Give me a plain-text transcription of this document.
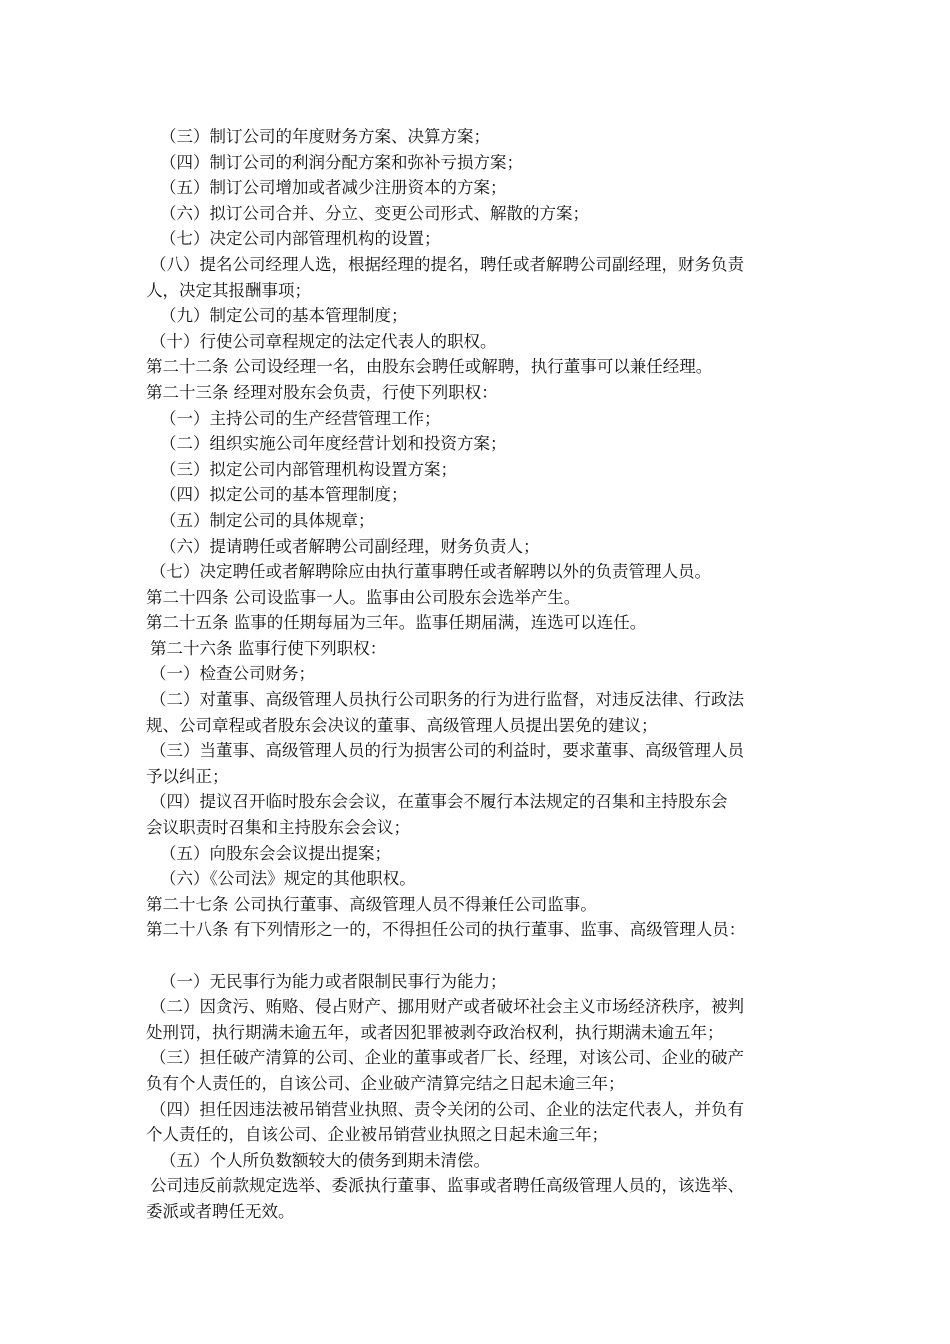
（三）制订公司的年度财务方案、决算方案；
（四）制订公司的利润分配方案和弥补亏损方案；
（五）制订公司增加或者减少注册资本的方案；
（六）拟订公司合并、分立、变更公司形式、解散的方案；
（七）决定公司内部管理机构的设置；
（八）提名公司经理人选，根据经理的提名，聘任或者解聘公司副经理，财务负责
人，决定其报酬事项；
（九）制定公司的基本管理制度；
（十）行使公司章程规定的法定代表人的职权。
第二十二条 公司设经理一名，由股东会聘任或解聘，执行董事可以兼任经理。
第二十三条 经理对股东会负责，行使下列职权：
（一）主持公司的生产经营管理工作；
（二）组织实施公司年度经营计划和投资方案；
（三）拟定公司内部管理机构设置方案；
（四）拟定公司的基本管理制度；
（五）制定公司的具体规章；
（六）提请聘任或者解聘公司副经理，财务负责人；
（七）决定聘任或者解聘除应由执行董事聘任或者解聘以外的负责管理人员。
第二十四条 公司设监事一人。监事由公司股东会选举产生。
第二十五条 监事的任期每届为三年。监事任期届满，连选可以连任。
第二十六条 监事行使下列职权：
（一）检查公司财务；
（二）对董事、高级管理人员执行公司职务的行为进行监督，对违反法律、行政法
规、公司章程或者股东会决议的董事、高级管理人员提出罢免的建议；
（三）当董事、高级管理人员的行为损害公司的利益时，要求董事、高级管理人员
予以纠正；
（四）提议召开临时股东会会议，在董事会不履行本法规定的召集和主持股东会
会议职责时召集和主持股东会会议；
（五）向股东会会议提出提案；
（六）《公司法》规定的其他职权。
第二十七条 公司执行董事、高级管理人员不得兼任公司监事。
第二十八条 有下列情形之一的，不得担任公司的执行董事、监事、高级管理人员：
（一）无民事行为能力或者限制民事行为能力；
（二）因贪污、贿赂、侵占财产、挪用财产或者破坏社会主义市场经济秩序，被判
处刑罚，执行期满未逾五年，或者因犯罪被剥夺政治权利，执行期满未逾五年；
（三）担任破产清算的公司、企业的董事或者厂长、经理，对该公司、企业的破产
负有个人责任的，自该公司、企业破产清算完结之日起未逾三年；
（四）担任因违法被吊销营业执照、责令关闭的公司、企业的法定代表人，并负有
个人责任的，自该公司、企业被吊销营业执照之日起未逾三年；
（五）个人所负数额较大的债务到期未清偿。
公司违反前款规定选举、委派执行董事、监事或者聘任高级管理人员的，该选举、
委派或者聘任无效。
